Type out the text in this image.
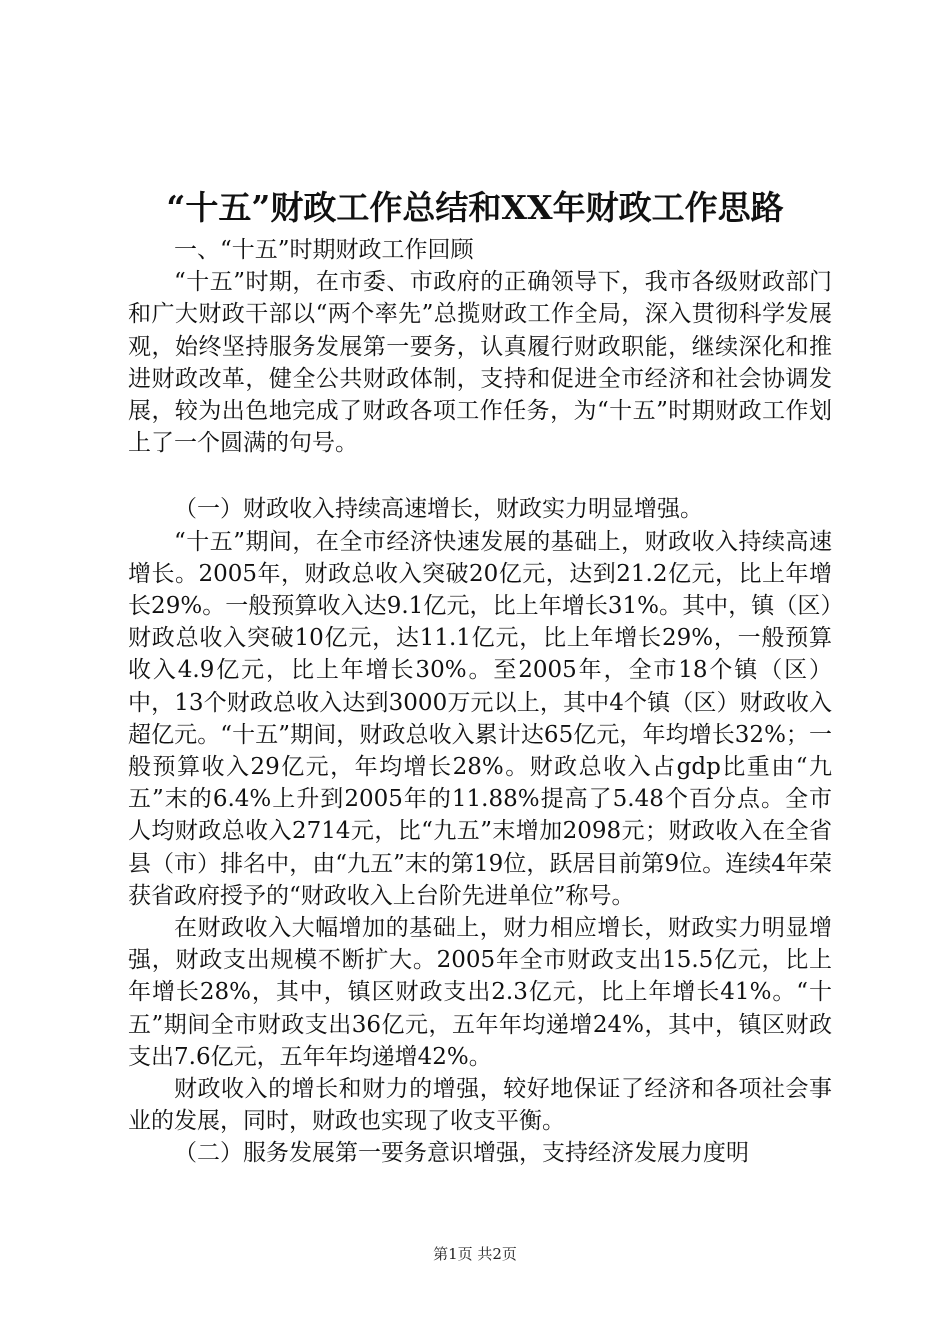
“十五”财政工作总结和XX年财政工作思路

一、“十五”时期财政工作回顾

“十五”时期，在市委、市政府的正确领导下，我市各级财政部门和广大财政干部以“两个率先”总揽财政工作全局，深入贯彻科学发展观，始终坚持服务发展第一要务，认真履行财政职能，继续深化和推进财政改革，健全公共财政体制，支持和促进全市经济和社会协调发展，较为出色地完成了财政各项工作任务，为“十五”时期财政工作划上了一个圆满的句号。

（一）财政收入持续高速增长，财政实力明显增强。

“十五”期间，在全市经济快速发展的基础上，财政收入持续高速增长。2005年，财政总收入突破20亿元，达到21.2亿元，比上年增长29%。一般预算收入达9.1亿元，比上年增长31%。其中，镇（区）财政总收入突破10亿元，达11.1亿元，比上年增长29%，一般预算收入4.9亿元，比上年增长30%。至2005年，全市18个镇（区）中，13个财政总收入达到3000万元以上，其中4个镇（区）财政收入超亿元。“十五”期间，财政总收入累计达65亿元，年均增长32%；一般预算收入29亿元，年均增长28%。财政总收入占gdp比重由“九五”末的6.4%上升到2005年的11.88%提高了5.48个百分点。全市人均财政总收入2714元，比“九五”末增加2098元；财政收入在全省县（市）排名中，由“九五”末的第19位，跃居目前第9位。连续4年荣获省政府授予的“财政收入上台阶先进单位”称号。

在财政收入大幅增加的基础上，财力相应增长，财政实力明显增强，财政支出规模不断扩大。2005年全市财政支出15.5亿元，比上年增长28%，其中，镇区财政支出2.3亿元，比上年增长41%。“十五”期间全市财政支出36亿元，五年年均递增24%，其中，镇区财政支出7.6亿元，五年年均递增42%。

财政收入的增长和财力的增强，较好地保证了经济和各项社会事业的发展，同时，财政也实现了收支平衡。

（二）服务发展第一要务意识增强，支持经济发展力度明

第1页 共2页
